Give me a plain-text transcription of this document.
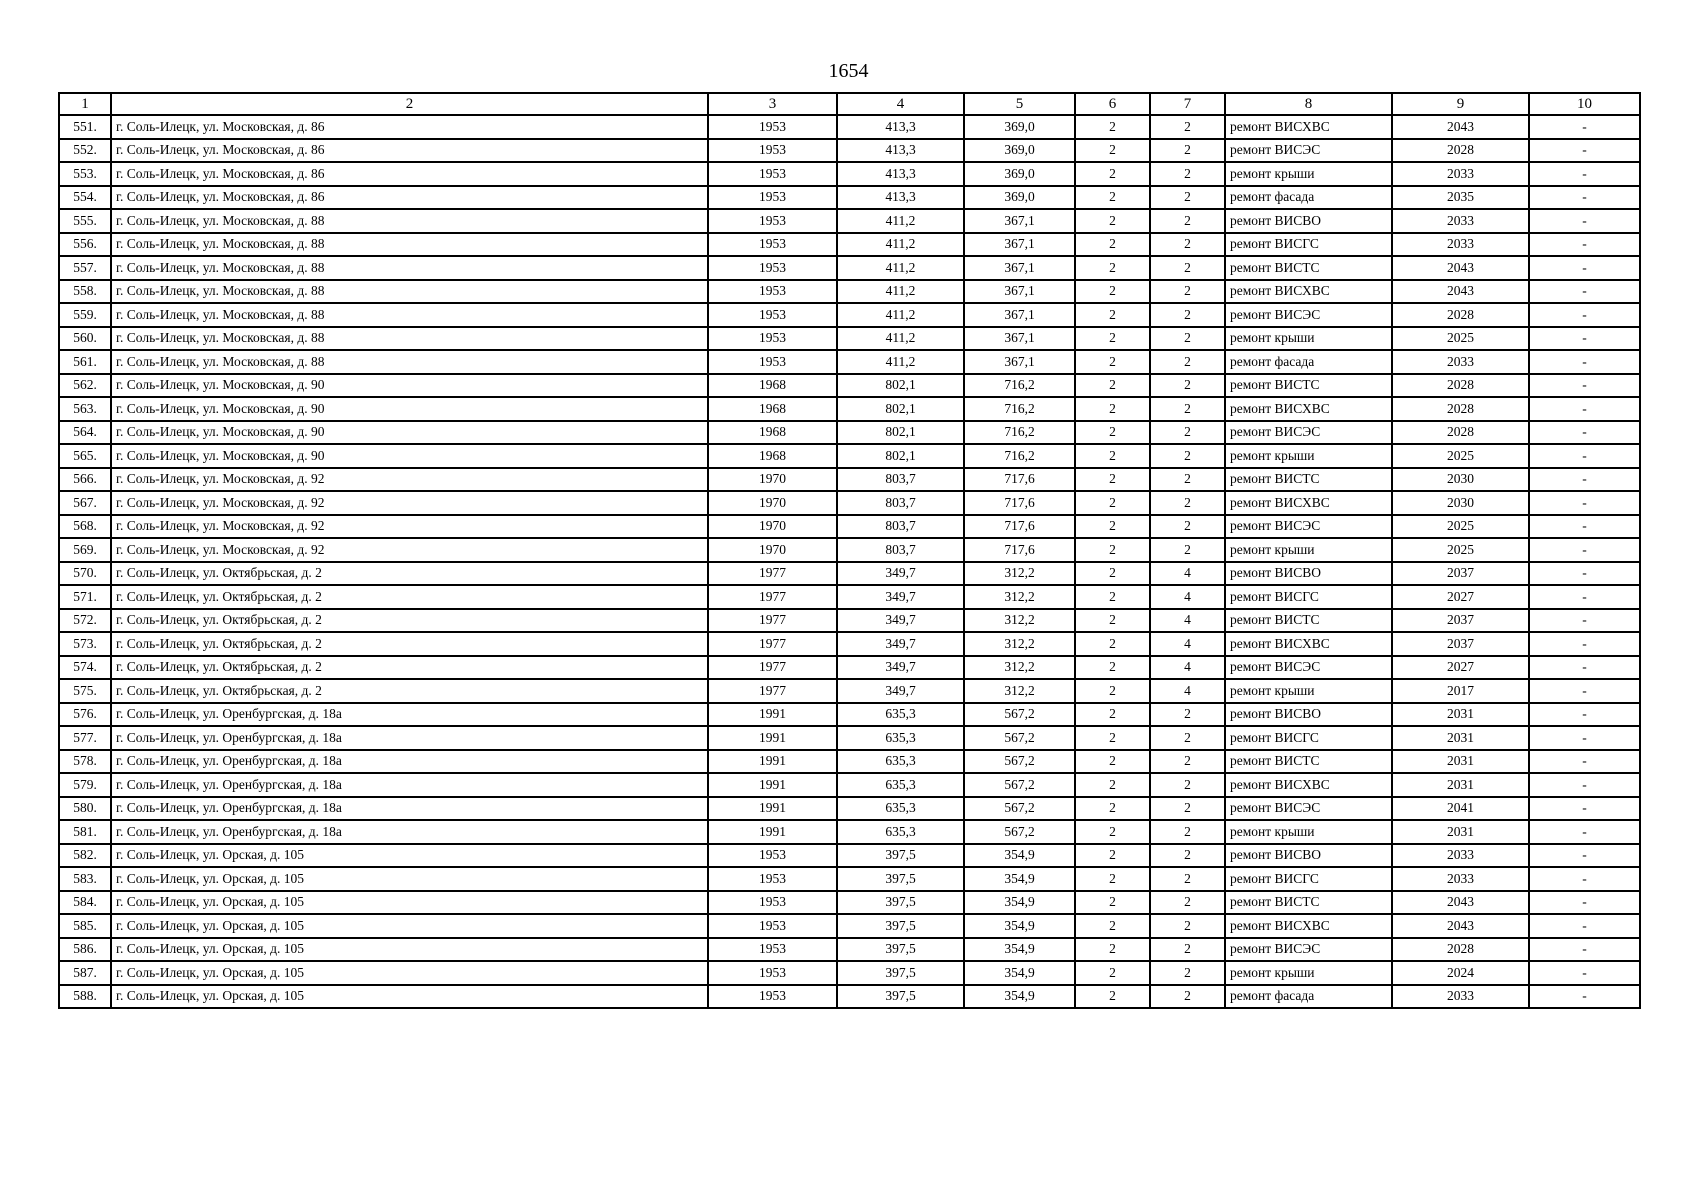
1654
1	2	3	4	5	6	7	8	9	10
551.	г. Соль-Илецк, ул. Московская, д. 86	1953	413,3	369,0	2	2	ремонт ВИСХВС	2043	-
552.	г. Соль-Илецк, ул. Московская, д. 86	1953	413,3	369,0	2	2	ремонт ВИСЭС	2028	-
553.	г. Соль-Илецк, ул. Московская, д. 86	1953	413,3	369,0	2	2	ремонт крыши	2033	-
554.	г. Соль-Илецк, ул. Московская, д. 86	1953	413,3	369,0	2	2	ремонт фасада	2035	-
555.	г. Соль-Илецк, ул. Московская, д. 88	1953	411,2	367,1	2	2	ремонт ВИСВО	2033	-
556.	г. Соль-Илецк, ул. Московская, д. 88	1953	411,2	367,1	2	2	ремонт ВИСГС	2033	-
557.	г. Соль-Илецк, ул. Московская, д. 88	1953	411,2	367,1	2	2	ремонт ВИСТС	2043	-
558.	г. Соль-Илецк, ул. Московская, д. 88	1953	411,2	367,1	2	2	ремонт ВИСХВС	2043	-
559.	г. Соль-Илецк, ул. Московская, д. 88	1953	411,2	367,1	2	2	ремонт ВИСЭС	2028	-
560.	г. Соль-Илецк, ул. Московская, д. 88	1953	411,2	367,1	2	2	ремонт крыши	2025	-
561.	г. Соль-Илецк, ул. Московская, д. 88	1953	411,2	367,1	2	2	ремонт фасада	2033	-
562.	г. Соль-Илецк, ул. Московская, д. 90	1968	802,1	716,2	2	2	ремонт ВИСТС	2028	-
563.	г. Соль-Илецк, ул. Московская, д. 90	1968	802,1	716,2	2	2	ремонт ВИСХВС	2028	-
564.	г. Соль-Илецк, ул. Московская, д. 90	1968	802,1	716,2	2	2	ремонт ВИСЭС	2028	-
565.	г. Соль-Илецк, ул. Московская, д. 90	1968	802,1	716,2	2	2	ремонт крыши	2025	-
566.	г. Соль-Илецк, ул. Московская, д. 92	1970	803,7	717,6	2	2	ремонт ВИСТС	2030	-
567.	г. Соль-Илецк, ул. Московская, д. 92	1970	803,7	717,6	2	2	ремонт ВИСХВС	2030	-
568.	г. Соль-Илецк, ул. Московская, д. 92	1970	803,7	717,6	2	2	ремонт ВИСЭС	2025	-
569.	г. Соль-Илецк, ул. Московская, д. 92	1970	803,7	717,6	2	2	ремонт крыши	2025	-
570.	г. Соль-Илецк, ул. Октябрьская, д. 2	1977	349,7	312,2	2	4	ремонт ВИСВО	2037	-
571.	г. Соль-Илецк, ул. Октябрьская, д. 2	1977	349,7	312,2	2	4	ремонт ВИСГС	2027	-
572.	г. Соль-Илецк, ул. Октябрьская, д. 2	1977	349,7	312,2	2	4	ремонт ВИСТС	2037	-
573.	г. Соль-Илецк, ул. Октябрьская, д. 2	1977	349,7	312,2	2	4	ремонт ВИСХВС	2037	-
574.	г. Соль-Илецк, ул. Октябрьская, д. 2	1977	349,7	312,2	2	4	ремонт ВИСЭС	2027	-
575.	г. Соль-Илецк, ул. Октябрьская, д. 2	1977	349,7	312,2	2	4	ремонт крыши	2017	-
576.	г. Соль-Илецк, ул. Оренбургская, д. 18а	1991	635,3	567,2	2	2	ремонт ВИСВО	2031	-
577.	г. Соль-Илецк, ул. Оренбургская, д. 18а	1991	635,3	567,2	2	2	ремонт ВИСГС	2031	-
578.	г. Соль-Илецк, ул. Оренбургская, д. 18а	1991	635,3	567,2	2	2	ремонт ВИСТС	2031	-
579.	г. Соль-Илецк, ул. Оренбургская, д. 18а	1991	635,3	567,2	2	2	ремонт ВИСХВС	2031	-
580.	г. Соль-Илецк, ул. Оренбургская, д. 18а	1991	635,3	567,2	2	2	ремонт ВИСЭС	2041	-
581.	г. Соль-Илецк, ул. Оренбургская, д. 18а	1991	635,3	567,2	2	2	ремонт крыши	2031	-
582.	г. Соль-Илецк, ул. Орская, д. 105	1953	397,5	354,9	2	2	ремонт ВИСВО	2033	-
583.	г. Соль-Илецк, ул. Орская, д. 105	1953	397,5	354,9	2	2	ремонт ВИСГС	2033	-
584.	г. Соль-Илецк, ул. Орская, д. 105	1953	397,5	354,9	2	2	ремонт ВИСТС	2043	-
585.	г. Соль-Илецк, ул. Орская, д. 105	1953	397,5	354,9	2	2	ремонт ВИСХВС	2043	-
586.	г. Соль-Илецк, ул. Орская, д. 105	1953	397,5	354,9	2	2	ремонт ВИСЭС	2028	-
587.	г. Соль-Илецк, ул. Орская, д. 105	1953	397,5	354,9	2	2	ремонт крыши	2024	-
588.	г. Соль-Илецк, ул. Орская, д. 105	1953	397,5	354,9	2	2	ремонт фасада	2033	-
